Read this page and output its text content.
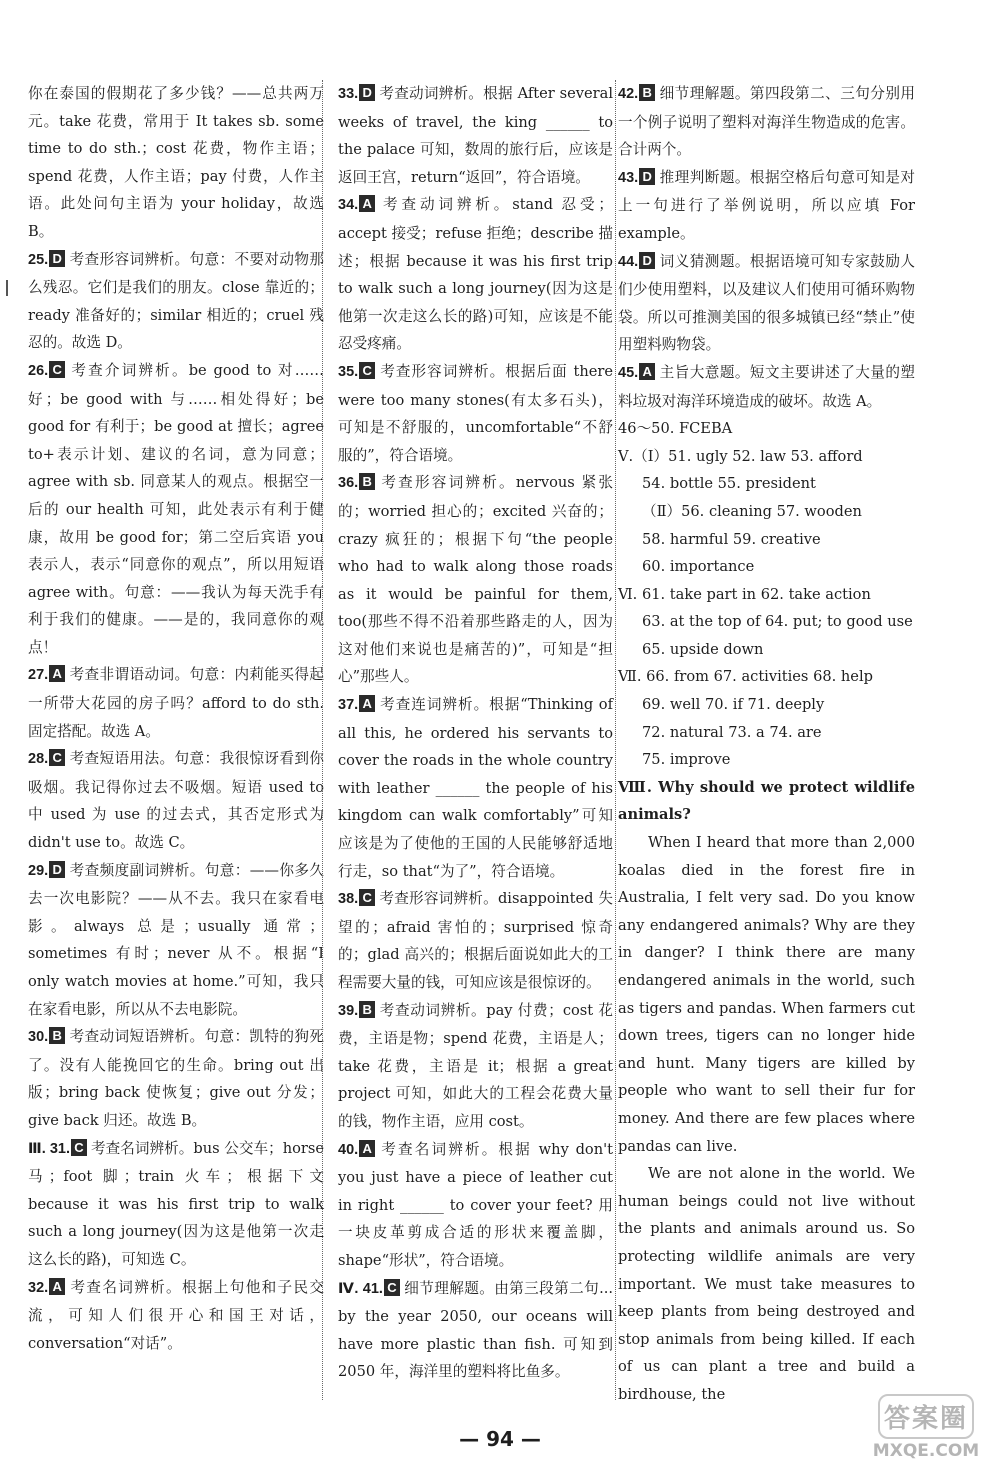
你在泰国的假期花了多少钱？——总共两万元。take 花费，常用于 It takes sb. some time to do sth.；cost 花费，物作主语；spend 花费，人作主语；pay 付费，人作主语。此处问句主语为 your holiday，故选 B。

25. D 考查形容词辨析。句意：不要对动物那么残忍。它们是我们的朋友。close 靠近的；ready 准备好的；similar 相近的；cruel 残忍的。故选 D。

26. C 考查介词辨析。be good to 对……好；be good with 与……相处得好；be good for 有利于；be good at 擅长；agree to+表示计划、建议的名词，意为同意；agree with sb. 同意某人的观点。根据空一后的 our health 可知，此处表示有利于健康，故用 be good for；第二空后宾语 you 表示人，表示“同意你的观点”，所以用短语 agree with。句意：——我认为每天洗手有利于我们的健康。——是的，我同意你的观点！

27. A 考查非谓语动词。句意：内莉能买得起一所带大花园的房子吗？afford to do sth. 固定搭配。故选 A。

28. C 考查短语用法。句意：我很惊讶看到你吸烟。我记得你过去不吸烟。短语 used to 中 used 为 use 的过去式，其否定形式为 didn't use to。故选 C。

29. D 考查频度副词辨析。句意：——你多久去一次电影院？——从不去。我只在家看电影。always 总是；usually 通常；sometimes 有时；never 从不。根据“I only watch movies at home.”可知，我只在家看电影，所以从不去电影院。

30. B 考查动词短语辨析。句意：凯特的狗死了。没有人能挽回它的生命。bring out 出版；bring back 使恢复；give out 分发；give back 归还。故选 B。

Ⅲ. 31. C 考查名词辨析。bus 公交车；horse 马；foot 脚；train 火车；根据下文 because it was his first trip to walk such a long journey(因为这是他第一次走这么长的路)，可知选 C。

32. A 考查名词辨析。根据上句他和子民交流，可知人们很开心和国王对话，conversation“对话”。

33. D 考查动词辨析。根据 After several weeks of travel, the king ______ to the palace 可知，数周的旅行后，应该是返回王宫，return“返回”，符合语境。

34. A 考查动词辨析。stand 忍受；accept 接受；refuse 拒绝；describe 描述；根据 because it was his first trip to walk such a long journey(因为这是他第一次走这么长的路)可知，应该是不能忍受疼痛。

35. C 考查形容词辨析。根据后面 there were too many stones(有太多石头)，可知是不舒服的，uncomfortable“不舒服的”，符合语境。

36. B 考查形容词辨析。nervous 紧张的；worried 担心的；excited 兴奋的；crazy 疯狂的；根据下句“the people who had to walk along those roads as it would be painful for them, too(那些不得不沿着那些路走的人，因为这对他们来说也是痛苦的)”，可知是“担心”那些人。

37. A 考查连词辨析。根据“Thinking of all this, he ordered his servants to cover the roads in the whole country with leather ______ the people of his kingdom can walk comfortably”可知应该是为了使他的王国的人民能够舒适地行走，so that“为了”，符合语境。

38. C 考查形容词辨析。disappointed 失望的；afraid 害怕的；surprised 惊奇的；glad 高兴的；根据后面说如此大的工程需要大量的钱，可知应该是很惊讶的。

39. B 考查动词辨析。pay 付费；cost 花费，主语是物；spend 花费，主语是人；take 花费，主语是 it；根据 a great project 可知，如此大的工程会花费大量的钱，物作主语，应用 cost。

40. A 考查名词辨析。根据 why don't you just have a piece of leather cut in right ______ to cover your feet? 用一块皮革剪成合适的形状来覆盖脚，shape“形状”，符合语境。

Ⅳ. 41. C 细节理解题。由第三段第二句... by the year 2050, our oceans will have more plastic than fish. 可知到 2050 年，海洋里的塑料将比鱼多。

42. B 细节理解题。第四段第二、三句分别用一个例子说明了塑料对海洋生物造成的危害。合计两个。

43. D 推理判断题。根据空格后句意可知是对上一句进行了举例说明，所以应填 For example。

44. D 词义猜测题。根据语境可知专家鼓励人们少使用塑料，以及建议人们使用可循环购物袋。所以可推测美国的很多城镇已经“禁止”使用塑料购物袋。

45. A 主旨大意题。短文主要讲述了大量的塑料垃圾对海洋环境造成的破坏。故选 A。

46～50. FCEBA
Ⅴ.（Ⅰ）51. ugly 52. law 53. afford
54. bottle 55. president
（Ⅱ）56. cleaning 57. wooden
58. harmful 59. creative
60. importance
Ⅵ. 61. take part in 62. take action
63. at the top of 64. put; to good use
65. upside down
Ⅶ. 66. from 67. activities 68. help
69. well 70. if 71. deeply
72. natural 73. a 74. are
75. improve
Ⅷ. Why should we protect wildlife animals?

When I heard that more than 2,000 koalas died in the forest fire in Australia, I felt very sad. Do you know any endangered animals? Why are they in danger? I think there are many endangered animals in the world, such as tigers and pandas. When farmers cut down trees, tigers can no longer hide and hunt. Many tigers are killed by people who want to sell their fur for money. And there are few places where pandas can live.

We are not alone in the world. We human beings could not live without the plants and animals around us. So protecting wildlife animals are very important. We must take measures to keep plants from being destroyed and stop animals from being killed. If each of us can plant a tree and build a birdhouse, the

— 94 —
答案圈
MXQE.COM
